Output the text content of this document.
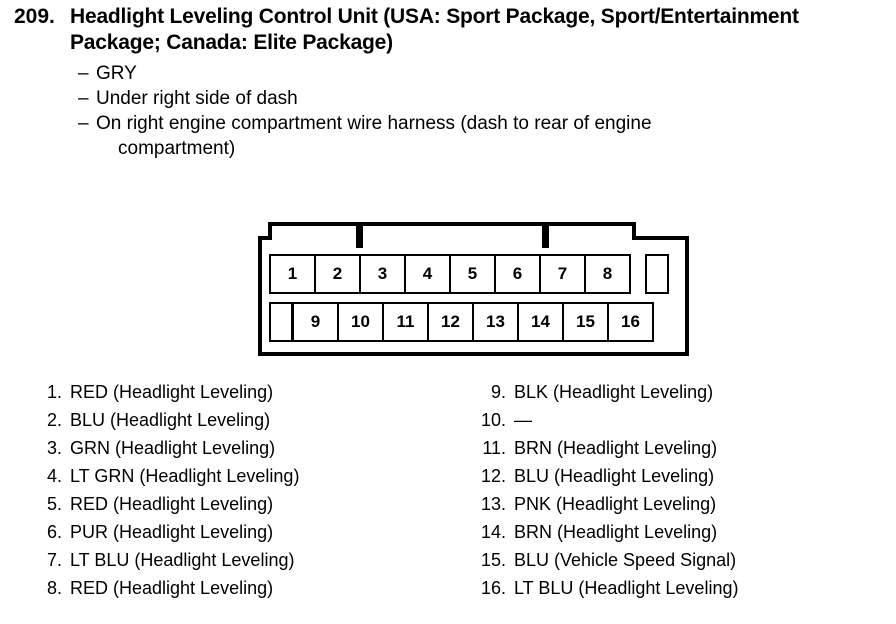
209. Headlight Leveling Control Unit (USA: Sport Package, Sport/Entertainment Package; Canada: Elite Package)
– GRY
– Under right side of dash
– On right engine compartment wire harness (dash to rear of engine
compartment)
1	2	3	4	5	6	7	8
9	10	11	12	13	14	15	16
1. RED (Headlight Leveling)
2. BLU (Headlight Leveling)
3. GRN (Headlight Leveling)
4. LT GRN (Headlight Leveling)
5. RED (Headlight Leveling)
6. PUR (Headlight Leveling)
7. LT BLU (Headlight Leveling)
8. RED (Headlight Leveling)
9. BLK (Headlight Leveling)
10. —
11. BRN (Headlight Leveling)
12. BLU (Headlight Leveling)
13. PNK (Headlight Leveling)
14. BRN (Headlight Leveling)
15. BLU (Vehicle Speed Signal)
16. LT BLU (Headlight Leveling)
